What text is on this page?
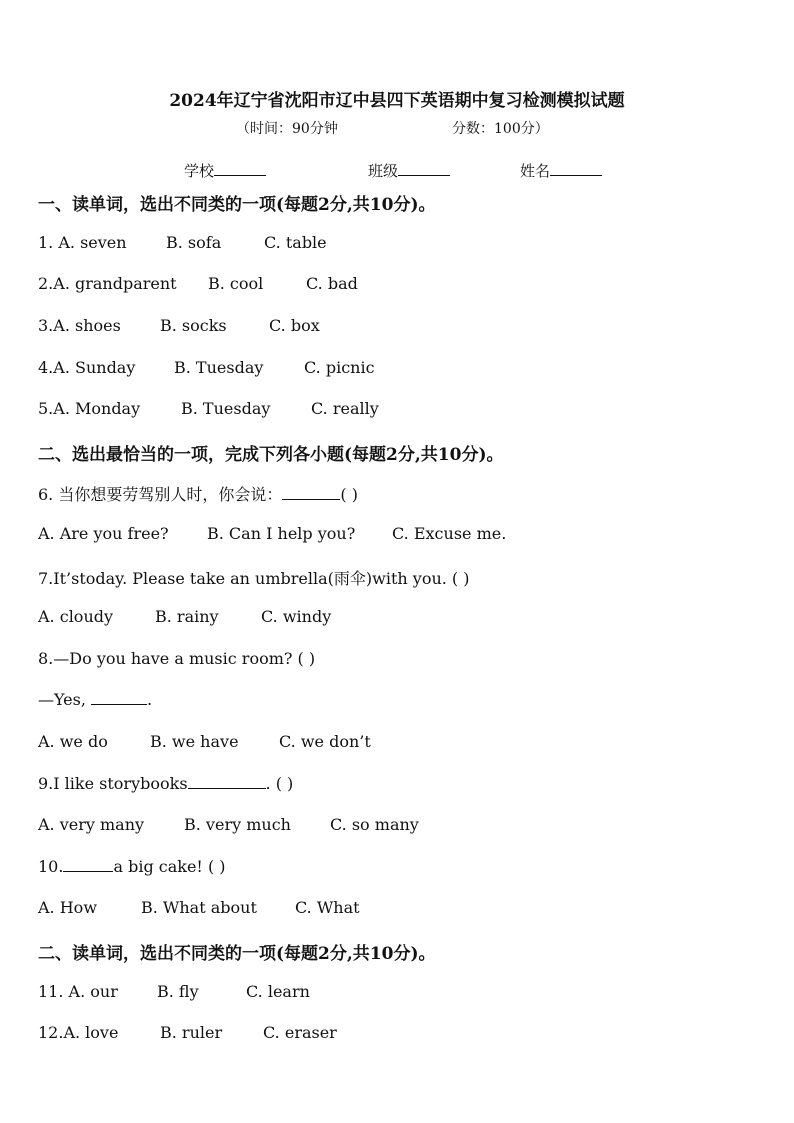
2024年辽宁省沈阳市辽中县四下英语期中复习检测模拟试题
（时间：90分钟	分数：100分）
学校	班级	姓名
一、读单词，选出不同类的一项(每题2分,共10分)。
1. A. seven B. sofa	C. table
2.A. grandparent B. cool	C. bad
3.A. shoes B. socks	C. box
4.A. Sunday B. Tuesday	C. picnic
5.A. Monday	B. Tuesday	C. really
二、选出最恰当的一项，完成下列各小题(每题2分,共10分)。
6. 当你想要劳驾别人时，你会说：	( )
A. Are you free? B. Can I help you? C. Excuse me.
7.It’stoday. Please take an umbrella(雨伞)with you. ( )
A. cloudy	B. rainy	C. windy
8.—Do you have a music room? ( )
—Yes,	.
A. we do	B. we have	C. we don’t
9.I like storybooks	. ( )
A. very many B. very much C. so many
10.	a big cake! ( )
A. How	B. What about C. What
二、读单词，选出不同类的一项(每题2分,共10分)。
11. A. our B. fly	C. learn
12.A. love	B. ruler	C. eraser
